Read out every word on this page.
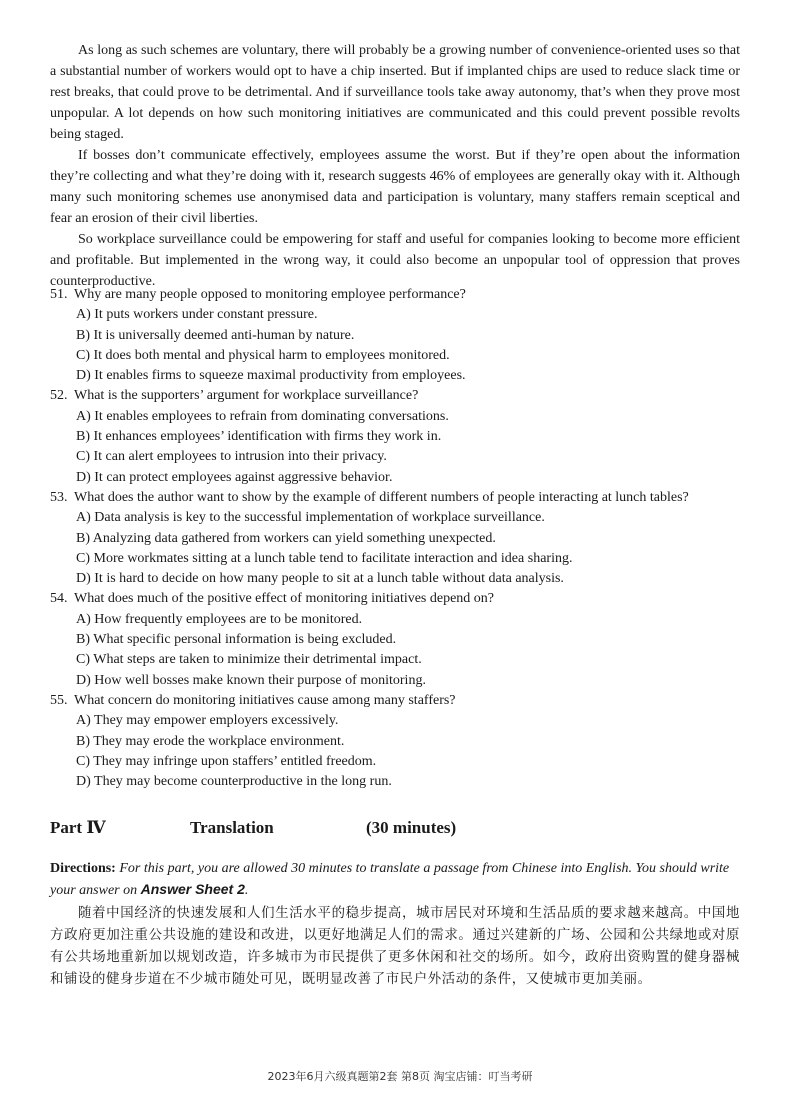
As long as such schemes are voluntary, there will probably be a growing number of convenience-oriented uses so that a substantial number of workers would opt to have a chip inserted. But if implanted chips are used to reduce slack time or rest breaks, that could prove to be detrimental. And if surveillance tools take away autonomy, that’s when they prove most unpopular. A lot depends on how such monitoring initiatives are communicated and this could prevent possible revolts being staged.

If bosses don’t communicate effectively, employees assume the worst. But if they’re open about the information they’re collecting and what they’re doing with it, research suggests 46% of employees are generally okay with it. Although many such monitoring schemes use anonymised data and participation is voluntary, many staffers remain sceptical and fear an erosion of their civil liberties.

So workplace surveillance could be empowering for staff and useful for companies looking to become more efficient and profitable. But implemented in the wrong way, it could also become an unpopular tool of oppression that proves counterproductive.

51. Why are many people opposed to monitoring employee performance?
A) It puts workers under constant pressure.
B) It is universally deemed anti-human by nature.
C) It does both mental and physical harm to employees monitored.
D) It enables firms to squeeze maximal productivity from employees.
52. What is the supporters’ argument for workplace surveillance?
A) It enables employees to refrain from dominating conversations.
B) It enhances employees’ identification with firms they work in.
C) It can alert employees to intrusion into their privacy.
D) It can protect employees against aggressive behavior.
53. What does the author want to show by the example of different numbers of people interacting at lunch tables?
A) Data analysis is key to the successful implementation of workplace surveillance.
B) Analyzing data gathered from workers can yield something unexpected.
C) More workmates sitting at a lunch table tend to facilitate interaction and idea sharing.
D) It is hard to decide on how many people to sit at a lunch table without data analysis.
54. What does much of the positive effect of monitoring initiatives depend on?
A) How frequently employees are to be monitored.
B) What specific personal information is being excluded.
C) What steps are taken to minimize their detrimental impact.
D) How well bosses make known their purpose of monitoring.
55. What concern do monitoring initiatives cause among many staffers?
A) They may empower employers excessively.
B) They may erode the workplace environment.
C) They may infringe upon staffers’ entitled freedom.
D) They may become counterproductive in the long run.
Part Ⅳ	Translation	(30 minutes)

Directions: For this part, you are allowed 30 minutes to translate a passage from Chinese into English. You should write your answer on Answer Sheet 2.

随着中国经济的快速发展和人们生活水平的稳步提高，城市居民对环境和生活品质的要求越来越高。中国地方政府更加注重公共设施的建设和改进，以更好地满足人们的需求。通过兴建新的广场、公园和公共绿地或对原有公共场地重新加以规划改造，许多城市为市民提供了更多休闲和社交的场所。如今，政府出资购置的健身器械和铺设的健身步道在不少城市随处可见，既明显改善了市民户外活动的条件，又使城市更加美丽。

2023年6月六级真题第2套 第8页 淘宝店铺：叮当考研
